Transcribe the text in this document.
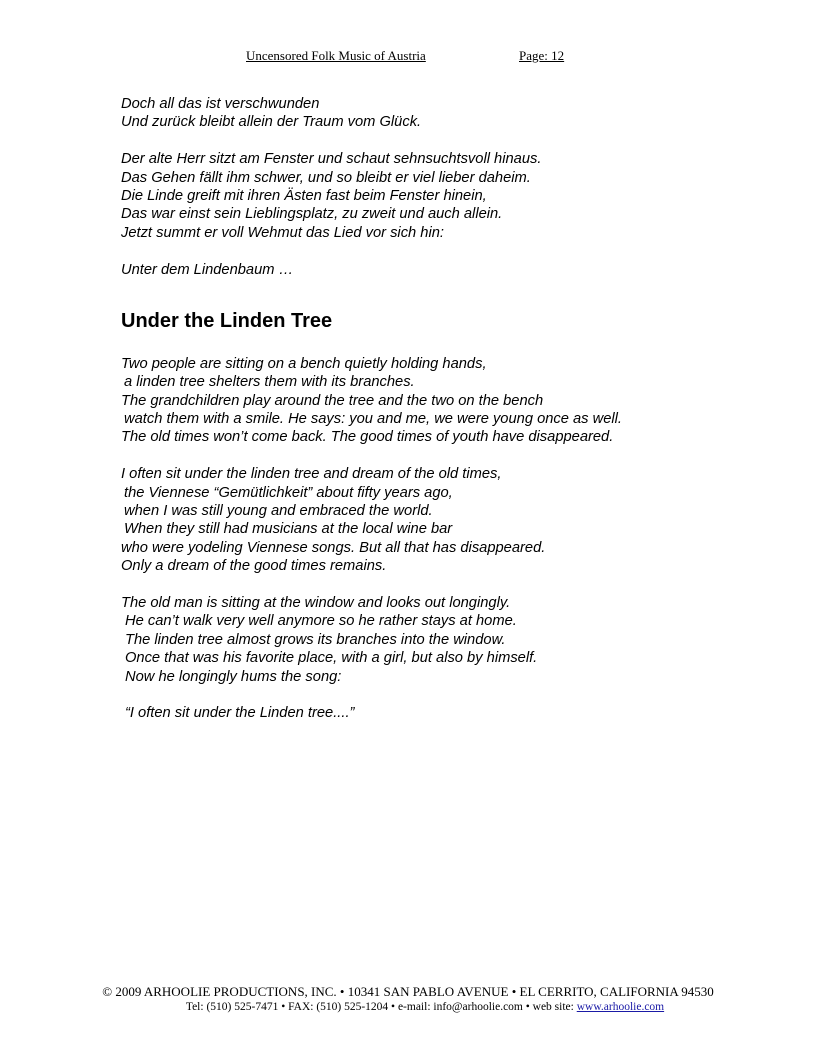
Uncensored Folk Music of Austria	Page: 12
Doch all das ist verschwunden
Und zurück bleibt allein der Traum vom Glück.
Der alte Herr sitzt am Fenster und schaut sehnsuchtsvoll hinaus.
Das Gehen fällt ihm schwer, und so bleibt er viel lieber daheim.
Die Linde greift mit ihren Ästen fast beim Fenster hinein,
Das war einst sein Lieblingsplatz, zu zweit und auch allein.
Jetzt summt er voll Wehmut das Lied vor sich hin:
Unter dem Lindenbaum …
Under the Linden Tree
Two people are sitting on a bench quietly holding hands,
a linden tree shelters them with its branches.
The grandchildren play around the tree and the two on the bench
watch them with a smile. He says: you and me, we were young once as well.
The old times won’t come back. The good times of youth have disappeared.
I often sit under the linden tree and dream of the old times,
the Viennese “Gemütlichkeit” about fifty years ago,
when I was still young and embraced the world.
When they still had musicians at the local wine bar
who were yodeling Viennese songs. But all that has disappeared.
Only a dream of the good times remains.
The old man is sitting at the window and looks out longingly.
He can’t walk very well anymore so he rather stays at home.
The linden tree almost grows its branches into the window.
Once that was his favorite place, with a girl, but also by himself.
Now he longingly hums the song:
“I often sit under the Linden tree....”
© 2009 ARHOOLIE PRODUCTIONS, INC. • 10341 SAN PABLO AVENUE • EL CERRITO, CALIFORNIA 94530
Tel: (510) 525-7471 • FAX: (510) 525-1204 • e-mail: info@arhoolie.com • web site: www.arhoolie.com
